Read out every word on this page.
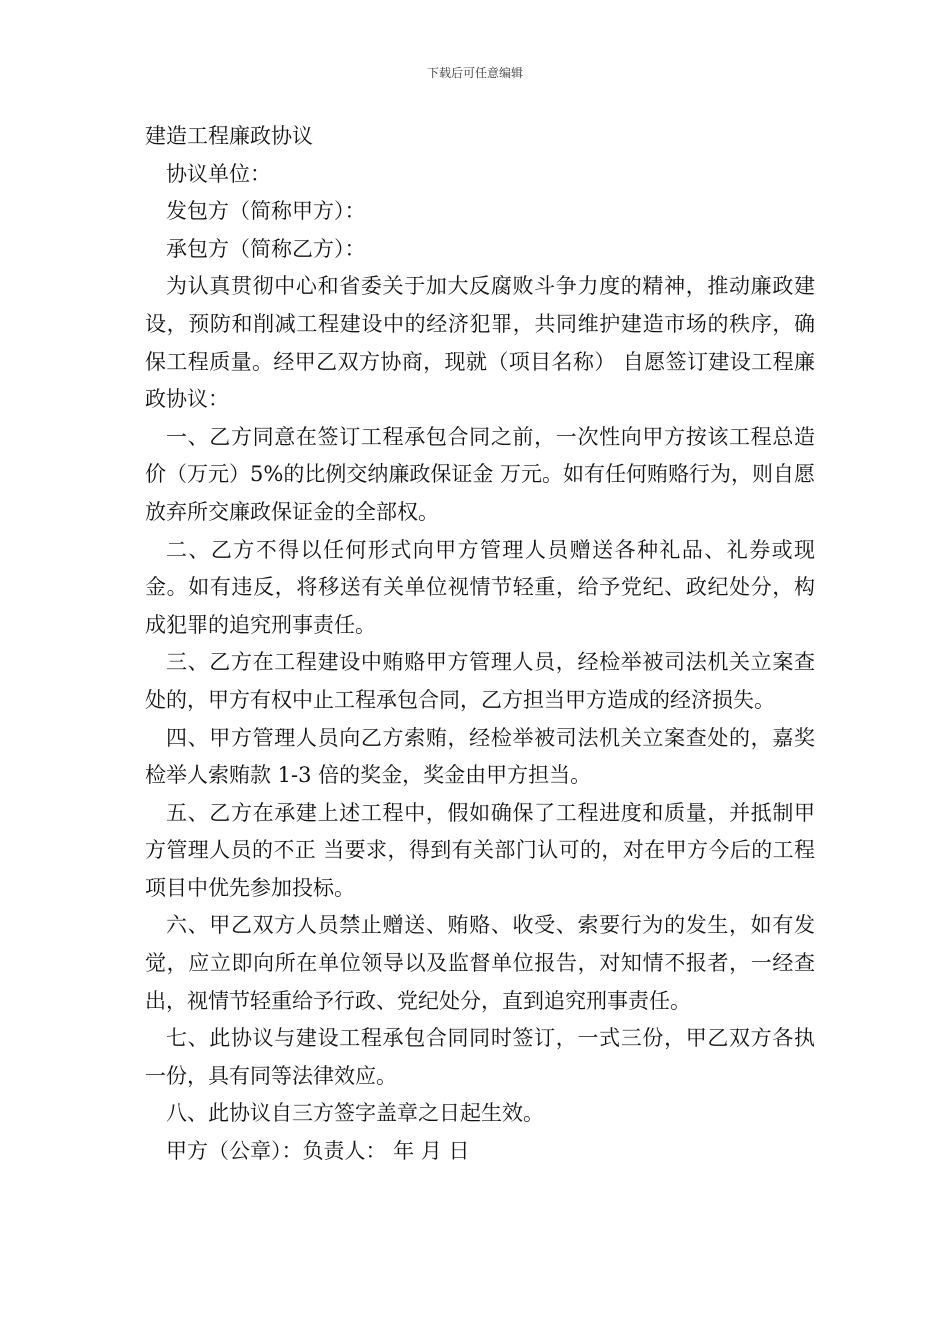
下载后可任意编辑

建造工程廉政协议

协议单位：

发包方（简称甲方）：

承包方（简称乙方）：

为认真贯彻中心和省委关于加大反腐败斗争力度的精神，推动廉政建设，预防和削减工程建设中的经济犯罪，共同维护建造市场的秩序，确保工程质量。经甲乙双方协商，现就（项目名称） 自愿签订建设工程廉政协议：

一、乙方同意在签订工程承包合同之前，一次性向甲方按该工程总造价（万元）5%的比例交纳廉政保证金 万元。如有任何贿赂行为，则自愿放弃所交廉政保证金的全部权。

二、乙方不得以任何形式向甲方管理人员赠送各种礼品、礼券或现金。如有违反，将移送有关单位视情节轻重，给予党纪、政纪处分，构成犯罪的追究刑事责任。

三、乙方在工程建设中贿赂甲方管理人员，经检举被司法机关立案查处的，甲方有权中止工程承包合同，乙方担当甲方造成的经济损失。

四、甲方管理人员向乙方索贿，经检举被司法机关立案查处的，嘉奖检举人索贿款 1-3 倍的奖金，奖金由甲方担当。

五、乙方在承建上述工程中，假如确保了工程进度和质量，并抵制甲方管理人员的不正 当要求，得到有关部门认可的，对在甲方今后的工程项目中优先参加投标。

六、甲乙双方人员禁止赠送、贿赂、收受、索要行为的发生，如有发觉，应立即向所在单位领导以及监督单位报告，对知情不报者，一经查出，视情节轻重给予行政、党纪处分，直到追究刑事责任。

七、此协议与建设工程承包合同同时签订，一式三份，甲乙双方各执一份，具有同等法律效应。

八、此协议自三方签字盖章之日起生效。

甲方（公章）：负责人： 年 月 日
